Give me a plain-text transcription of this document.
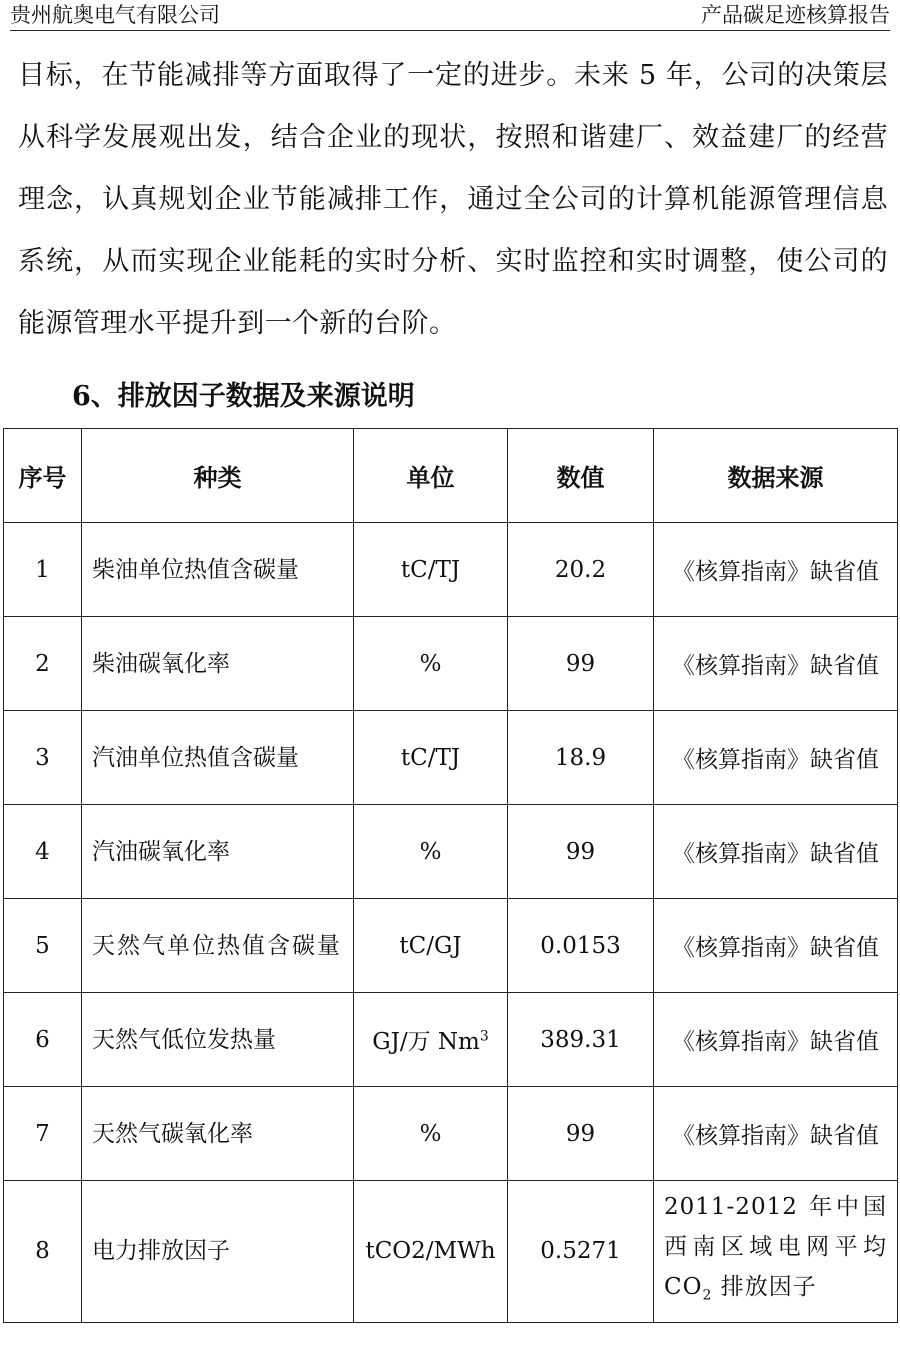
贵州航奥电气有限公司	产品碳足迹核算报告

目标，在节能减排等方面取得了一定的进步。未来 5 年，公司的决策层从科学发展观出发，结合企业的现状，按照和谐建厂、效益建厂的经营理念，认真规划企业节能减排工作，通过全公司的计算机能源管理信息系统，从而实现企业能耗的实时分析、实时监控和实时调整，使公司的能源管理水平提升到一个新的台阶。

6、排放因子数据及来源说明
序号	种类	单位	数值	数据来源
1	柴油单位热值含碳量	tC/TJ	20.2	《核算指南》缺省值
2	柴油碳氧化率	%	99	《核算指南》缺省值
3	汽油单位热值含碳量	tC/TJ	18.9	《核算指南》缺省值
4	汽油碳氧化率	%	99	《核算指南》缺省值
5	天然气单位热值含碳量	tC/GJ	0.0153	《核算指南》缺省值
6	天然气低位发热量	GJ/万 Nm$^3$	389.31	《核算指南》缺省值
7	天然气碳氧化率	%	99	《核算指南》缺省值
8	电力排放因子	tCO2/MWh	0.5271	2011-2012 年中国西南区域电网平均 $CO_2$ 排放因子
